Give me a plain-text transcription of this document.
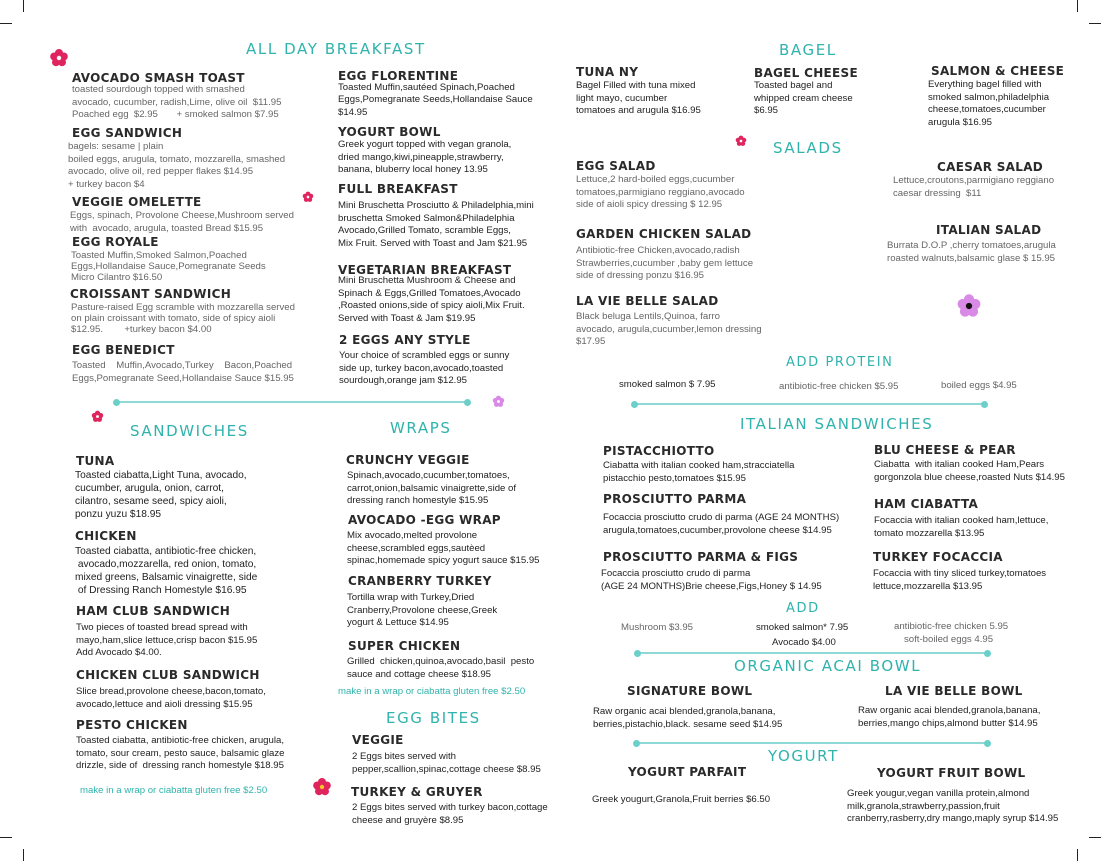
ALL DAY BREAKFAST
AVOCADO SMASH TOAST
toasted sourdough topped with smashed
avocado, cucumber, radish,Lime, olive oil  $11.95
Poached egg  $2.95       + smoked salmon $7.95
EGG SANDWICH
bagels: sesame | plain
boiled eggs, arugula, tomato, mozzarella, smashed
avocado, olive oil, red pepper flakes $14.95
+ turkey bacon $4
VEGGIE OMELETTE
Eggs, spinach, Provolone Cheese,Mushroom served
with  avocado, arugula, toasted Bread $15.95
EGG ROYALE
Toasted Muffin,Smoked Salmon,Poached
Eggs,Hollandaise Sauce,Pomegranate Seeds
Micro Cilantro $16.50
CROISSANT SANDWICH
Pasture-raised Egg scramble with mozzarella served
on plain croissant with tomato, side of spicy aioli
$12.95.        +turkey bacon $4.00
EGG BENEDICT
Toasted    Muffin,Avocado,Turkey    Bacon,Poached
Eggs,Pomegranate Seed,Hollandaise Sauce $15.95
EGG FLORENTINE
Toasted Muffin,sautéed Spinach,Poached
Eggs,Pomegranate Seeds,Hollandaise Sauce
$14.95
YOGURT BOWL
Greek yogurt topped with vegan granola,
dried mango,kiwi,pineapple,strawberry,
banana, bluberry local honey 13.95
FULL BREAKFAST
Mini Bruschetta Prosciutto & Philadelphia,mini
bruschetta Smoked Salmon&Philadelphia
Avocado,Grilled Tomato, scramble Eggs,
Mix Fruit. Served with Toast and Jam $21.95
VEGETARIAN BREAKFAST
Mini Bruschetta Mushroom & Cheese and
Spinach & Eggs,Grilled Tomatoes,Avocado
,Roasted onions,side of spicy aioli,Mix Fruit.
Served with Toast & Jam $19.95
2 EGGS ANY STYLE
Your choice of scrambled eggs or sunny
side up, turkey bacon,avocado,toasted
sourdough,orange jam $12.95
SANDWICHES	WRAPS
TUNA
Toasted ciabatta,Light Tuna, avocado,
cucumber, arugula, onion, carrot,
cilantro, sesame seed, spicy aioli,
ponzu yuzu $18.95
CHICKEN
Toasted ciabatta, antibiotic-free chicken,
avocado,mozzarella, red onion, tomato,
mixed greens, Balsamic vinaigrette, side
of Dressing Ranch Homestyle $16.95
HAM CLUB SANDWICH
Two pieces of toasted bread spread with
mayo,ham,slice lettuce,crisp bacon $15.95
Add Avocado $4.00.
CHICKEN CLUB SANDWICH
Slice bread,provolone cheese,bacon,tomato,
avocado,lettuce and aioli dressing $15.95
PESTO CHICKEN
Toasted ciabatta, antibiotic-free chicken, arugula,
tomato, sour cream, pesto sauce, balsamic glaze
drizzle, side of  dressing ranch homestyle $18.95
make in a wrap or ciabatta gluten free $2.50
CRUNCHY VEGGIE
Spinach,avocado,cucumber,tomatoes,
carrot,onion,balsamic vinaigrette,side of
dressing ranch homestyle $15.95
AVOCADO -EGG WRAP
Mix avocado,melted provolone
cheese,scrambled eggs,sautèed
spinac,homemade spicy yogurt sauce $15.95
CRANBERRY TURKEY
Tortilla wrap with Turkey,Dried
Cranberry,Provolone cheese,Greek
yogurt & Lettuce $14.95
SUPER CHICKEN
Grilled  chicken,quinoa,avocado,basil  pesto
sauce and cottage cheese $18.95
make in a wrap or ciabatta gluten free $2.50
EGG BITES
VEGGIE
2 Eggs bites served with
pepper,scallion,spinac,cottage cheese $8.95
TURKEY & GRUYER
2 Eggs bites served with turkey bacon,cottage
cheese and gruyère $8.95
BAGEL
TUNA NY
Bagel Filled with tuna mixed
light mayo, cucumber
tomatoes and arugula $16.95
BAGEL CHEESE
Toasted bagel and
whipped cream cheese
$6.95
SALMON & CHEESE
Everything bagel filled with
smoked salmon,philadelphia
cheese,tomatoes,cucumber
arugula $16.95
SALADS
EGG SALAD
Lettuce,2 hard-boiled eggs,cucumber
tomatoes,parmigiano reggiano,avocado
side of aioli spicy dressing $ 12.95
CAESAR SALAD
Lettuce,croutons,parmigiano reggiano
caesar dressing  $11
GARDEN CHICKEN SALAD
Antibiotic-free Chicken,avocado,radish
Strawberries,cucumber ,baby gem lettuce
side of dressing ponzu $16.95
ITALIAN SALAD
Burrata D.O.P ,cherry tomatoes,arugula
roasted walnuts,balsamic glase $ 15.95
LA VIE BELLE SALAD
Black beluga Lentils,Quinoa, farro
avocado, arugula,cucumber,lemon dressing
$17.95
ADD PROTEIN
smoked salmon $ 7.95	antibiotic-free chicken $5.95	boiled eggs $4.95
ITALIAN SANDWICHES
PISTACCHIOTTO
Ciabatta with italian cooked ham,stracciatella
pistacchio pesto,tomatoes $15.95
BLU CHEESE & PEAR
Ciabatta  with italian cooked Ham,Pears
gorgonzola blue cheese,roasted Nuts $14.95
PROSCIUTTO PARMA
Focaccia prosciutto crudo di parma (AGE 24 MONTHS)
arugula,tomatoes,cucumber,provolone cheese $14.95
HAM CIABATTA
Focaccia with italian cooked ham,lettuce,
tomato mozzarella $13.95
PROSCIUTTO PARMA & FIGS
Focaccia prosciutto crudo di parma
(AGE 24 MONTHS)Brie cheese,Figs,Honey $ 14.95
TURKEY FOCACCIA
Focaccia with tiny sliced turkey,tomatoes
lettuce,mozzarella $13.95
ADD
Mushroom $3.95	smoked salmon* 7.95
Avocado $4.00
antibiotic-free chicken 5.95
soft-boiled eggs 4.95
ORGANIC ACAI BOWL
SIGNATURE BOWL
Raw organic acai blended,granola,banana,
berries,pistachio,black. sesame seed $14.95
LA VIE BELLE BOWL
Raw organic acai blended,granola,banana,
berries,mango chips,almond butter $14.95
YOGURT
YOGURT PARFAIT
Greek yougurt,Granola,Fruit berries $6.50
YOGURT FRUIT BOWL
Greek yougur,vegan vanilla protein,almond
milk,granola,strawberry,passion,fruit
cranberry,rasberry,dry mango,maply syrup $14.95
